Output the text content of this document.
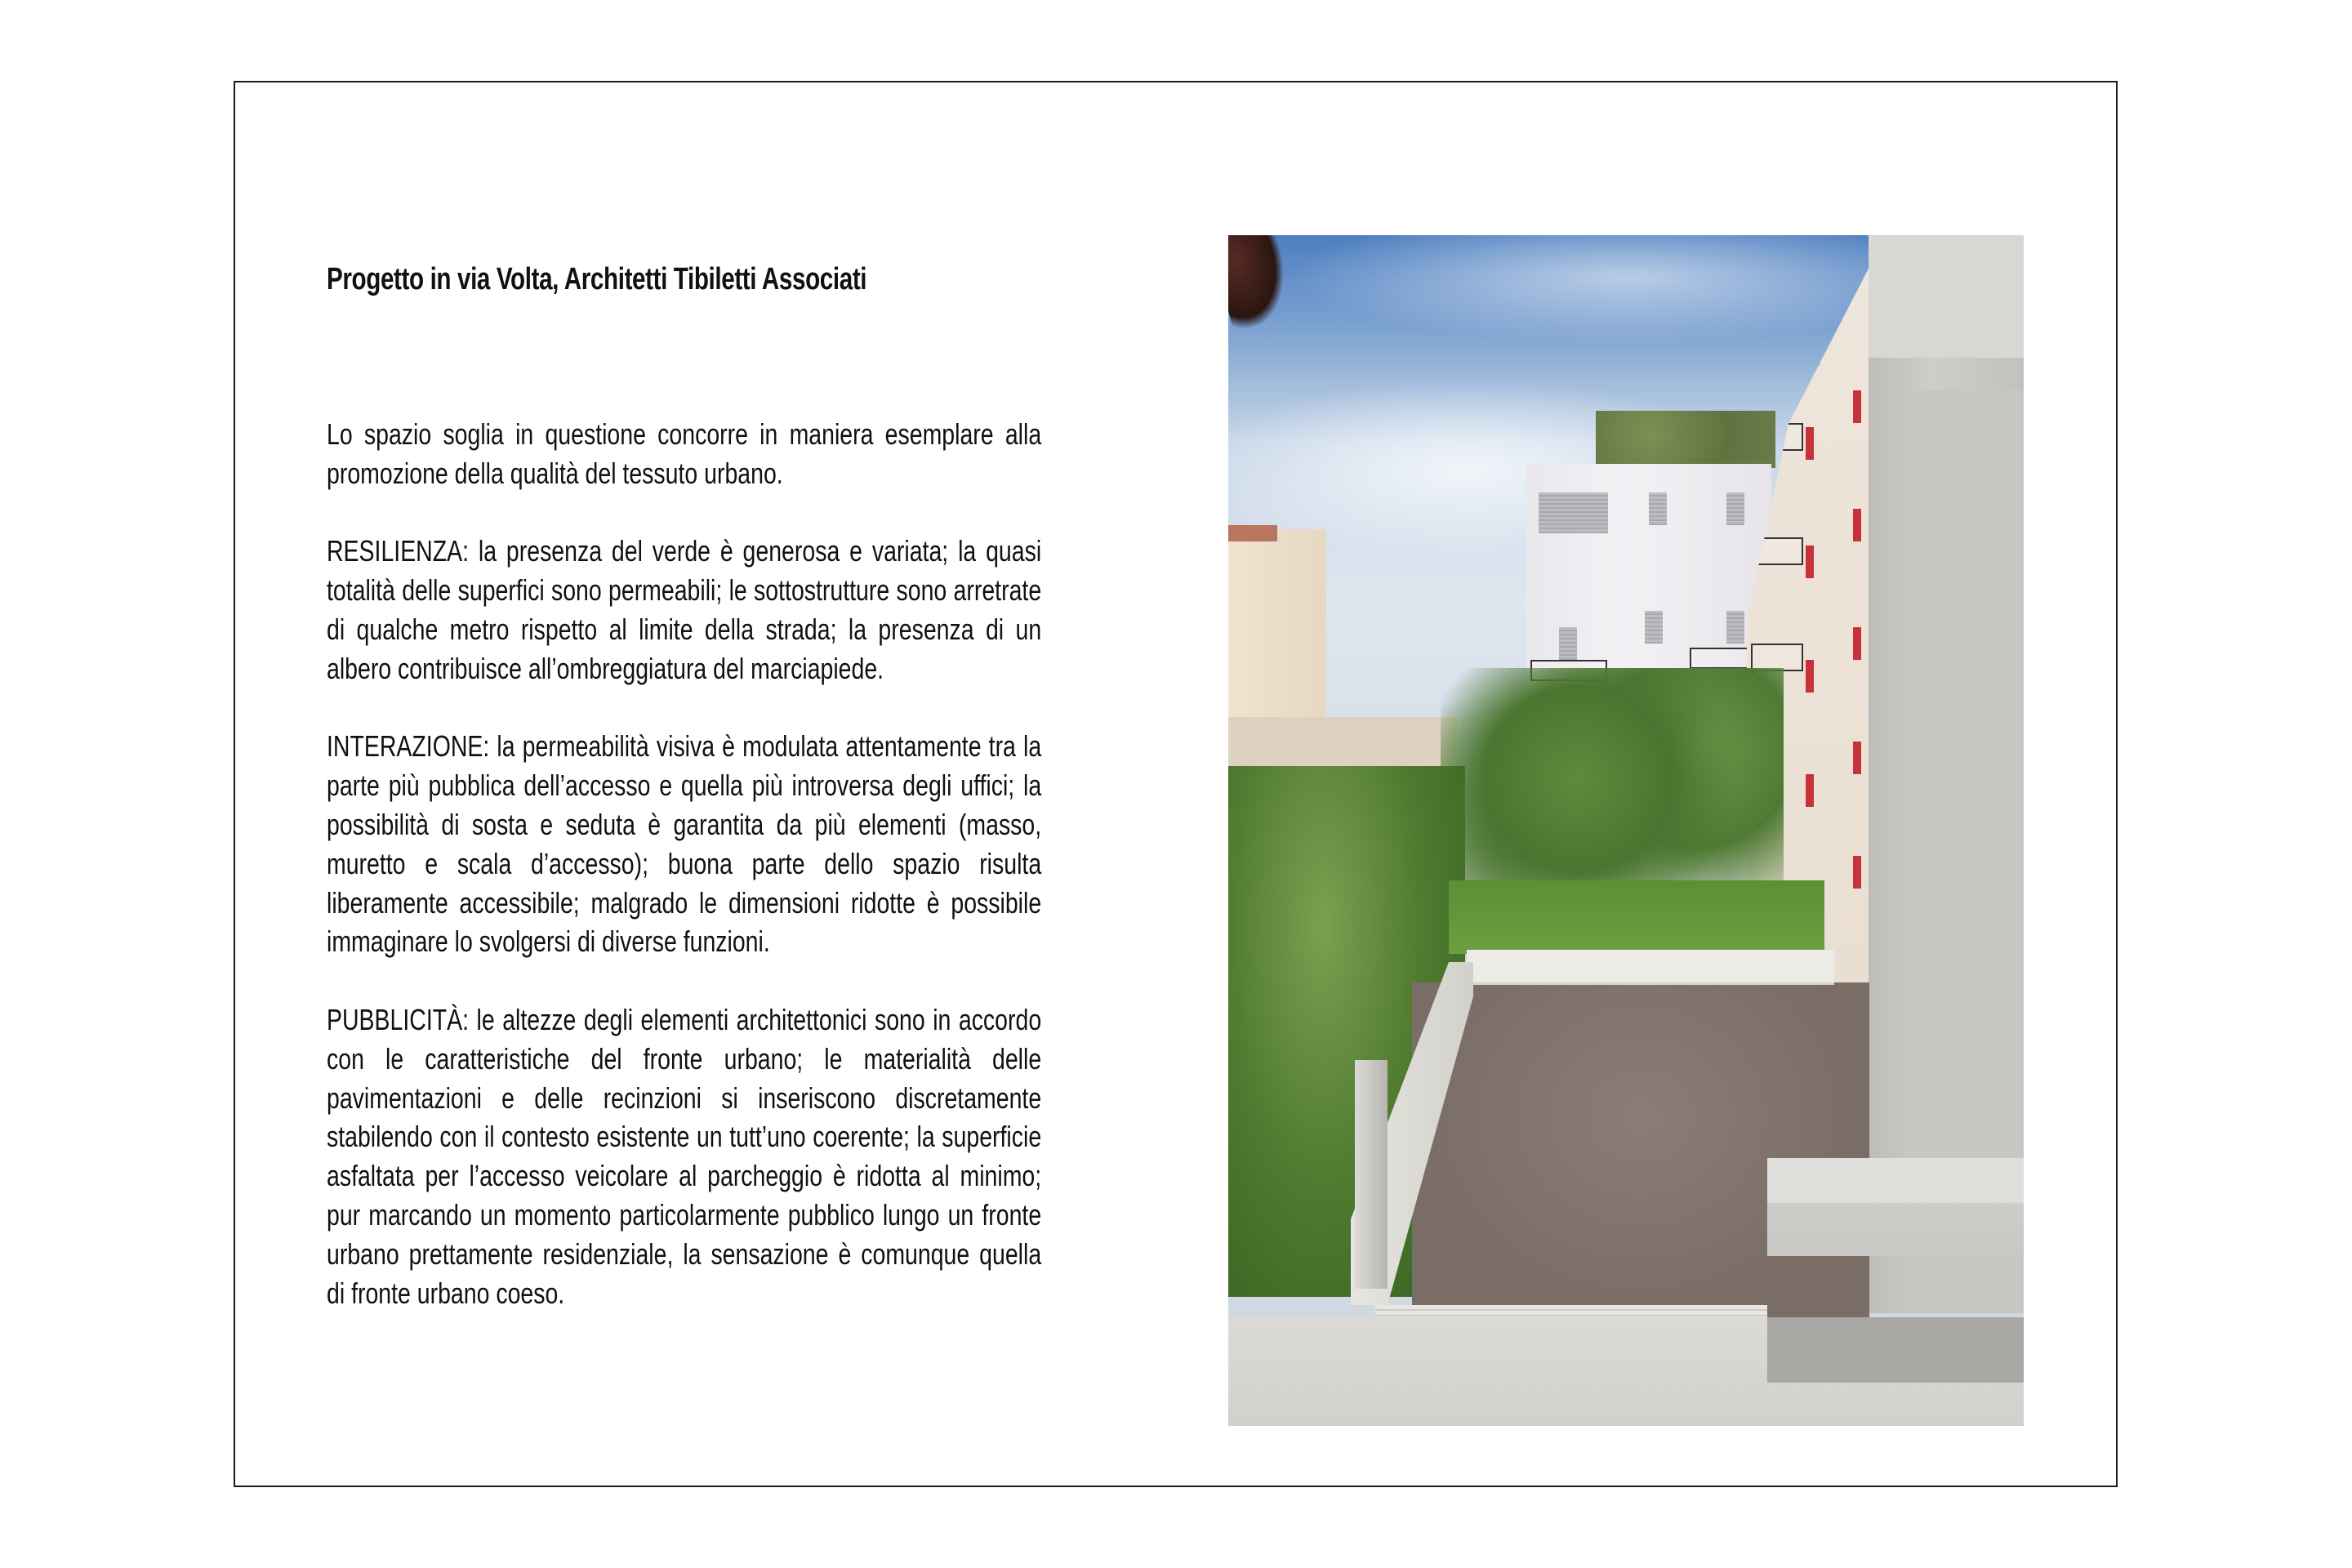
Progetto in via Volta, Architetti Tibiletti Associati

Lo spazio soglia in questione concorre in maniera esemplare alla promozione della qualità del tessuto urbano.

RESILIENZA: la presenza del verde è generosa e variata; la quasi totalità delle superfici sono permeabili; le sottostrutture sono arretrate di qualche metro rispetto al limite della strada; la presenza di un albero contribuisce all’ombreggiatura del marciapiede.

INTERAZIONE: la permeabilità visiva è modulata attentamente tra la parte più pubblica dell’accesso e quella più introversa degli uffici; la possibilità di sosta e seduta è garantita da più elementi (masso, muretto e scala d’accesso); buona parte dello spazio risulta liberamente accessibile; malgrado le dimensioni ridotte è possibile immaginare lo svolgersi di diverse funzioni.

PUBBLICITÀ: le altezze degli elementi architettonici sono in accordo con le caratteristiche del fronte urbano; le materialità delle pavimentazioni e delle recinzioni si inseriscono discretamente stabilendo con il contesto esistente un tutt’uno coerente; la superficie asfaltata per l’accesso veicolare al parcheggio è ridotta al minimo; pur marcando un momento particolarmente pubblico lungo un fronte urbano prettamente residenziale, la sensazione è comunque quella di fronte urbano coeso.
